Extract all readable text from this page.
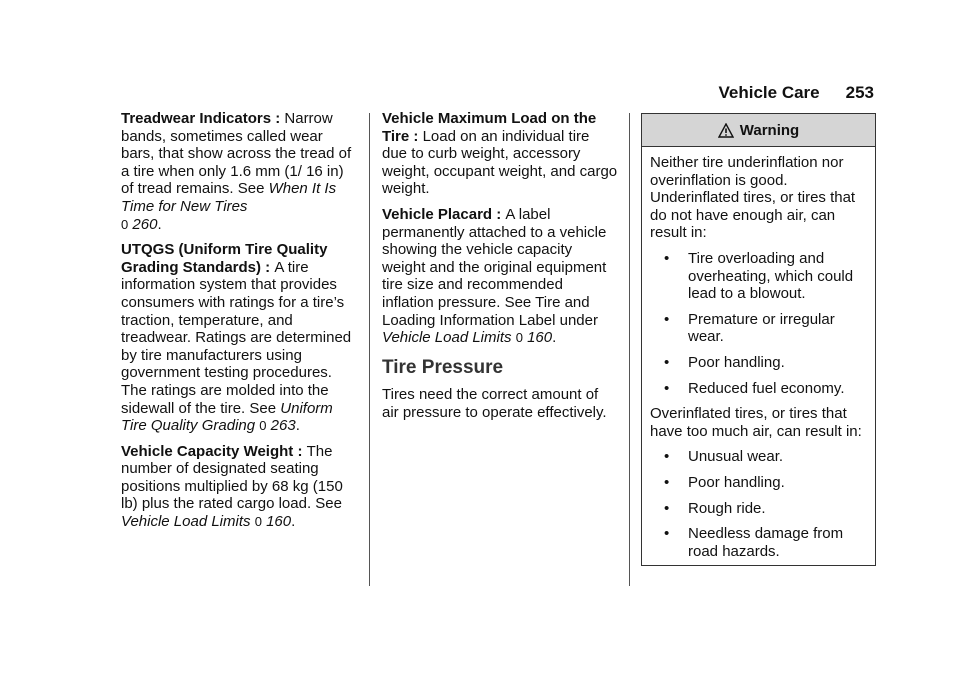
Vehicle Care 253

Treadwear Indicators : Narrow bands, sometimes called wear bars, that show across the tread of a tire when only 1.6 mm (1/ 16 in) of tread remains. See When It Is Time for New Tires
0 260.

UTQGS (Uniform Tire Quality Grading Standards) : A tire information system that provides consumers with ratings for a tire’s traction, temperature, and treadwear. Ratings are determined by tire manufacturers using government testing procedures. The ratings are molded into the sidewall of the tire. See Uniform Tire Quality Grading 0 263.

Vehicle Capacity Weight : The number of designated seating positions multiplied by 68 kg (150 lb) plus the rated cargo load. See Vehicle Load Limits 0 160.

Vehicle Maximum Load on the Tire : Load on an individual tire due to curb weight, accessory weight, occupant weight, and cargo weight.

Vehicle Placard : A label permanently attached to a vehicle showing the vehicle capacity weight and the original equipment tire size and recommended inflation pressure. See Tire and Loading Information Label under Vehicle Load Limits 0 160.

Tire Pressure

Tires need the correct amount of air pressure to operate effectively.

Warning

Neither tire underinflation nor overinflation is good. Underinflated tires, or tires that do not have enough air, can result in:

•	Tire overloading and overheating, which could lead to a blowout.
•	Premature or irregular wear.
•	Poor handling.
•	Reduced fuel economy.

Overinflated tires, or tires that have too much air, can result in:

•	Unusual wear.
•	Poor handling.
•	Rough ride.
•	Needless damage from road hazards.
